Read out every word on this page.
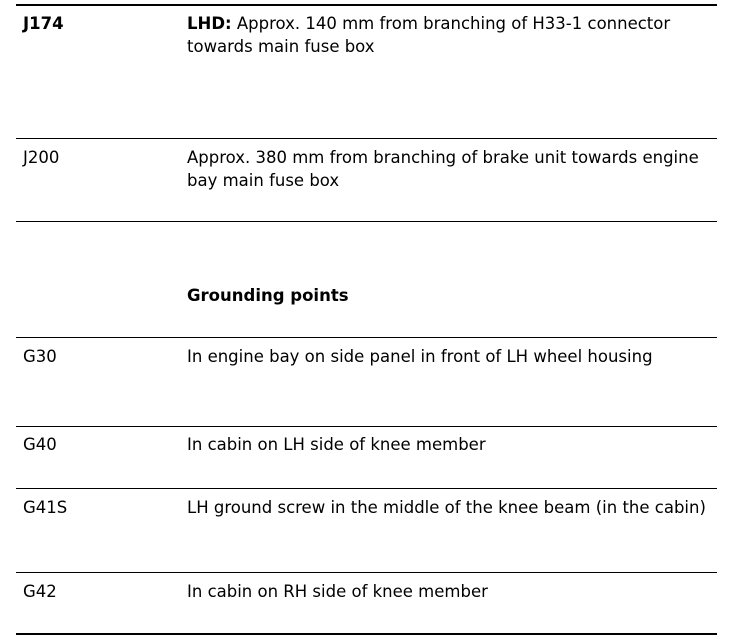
J174	LHD: Approx. 140 mm from branching of H33-1 connector towards main fuse box
J200	Approx. 380 mm from branching of brake unit towards engine bay main fuse box
Grounding points
G30	In engine bay on side panel in front of LH wheel housing
G40	In cabin on LH side of knee member
G41S	LH ground screw in the middle of the knee beam (in the cabin)
G42	In cabin on RH side of knee member
